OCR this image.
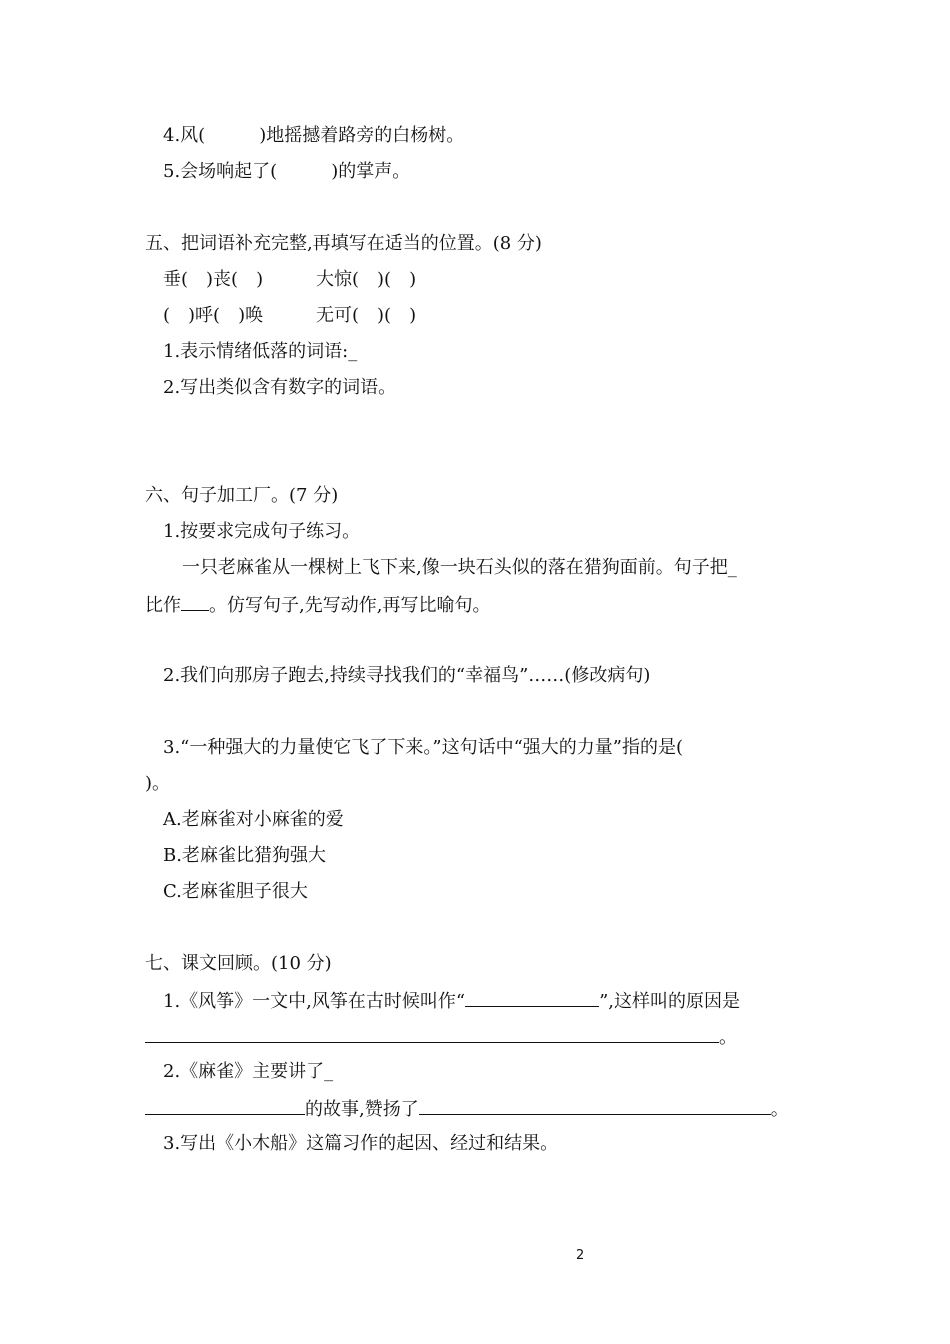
4.风(　　　)地摇撼着路旁的白杨树。
5.会场响起了(　　　)的掌声。
五、把词语补充完整,再填写在适当的位置。(8 分)
垂(　)丧(　)	大惊(　)(　)
(　)呼(　)唤	无可(　)(　)
1.表示情绪低落的词语:_
2.写出类似含有数字的词语。
六、句子加工厂。(7 分)
1.按要求完成句子练习。
一只老麻雀从一棵树上飞下来,像一块石头似的落在猎狗面前。句子把_
比作 。仿写句子,先写动作,再写比喻句。
2.我们向那房子跑去,持续寻找我们的“幸福鸟”……(修改病句)
3.“一种强大的力量使它飞了下来。”这句话中“强大的力量”指的是(
)。
A.老麻雀对小麻雀的爱
B.老麻雀比猎狗强大
C.老麻雀胆子很大
七、课文回顾。(10 分)
1.《风筝》一文中,风筝在古时候叫作“	”,这样叫的原因是
。
2.《麻雀》主要讲了_
的故事,赞扬了	。
3.写出《小木船》这篇习作的起因、经过和结果。
2
